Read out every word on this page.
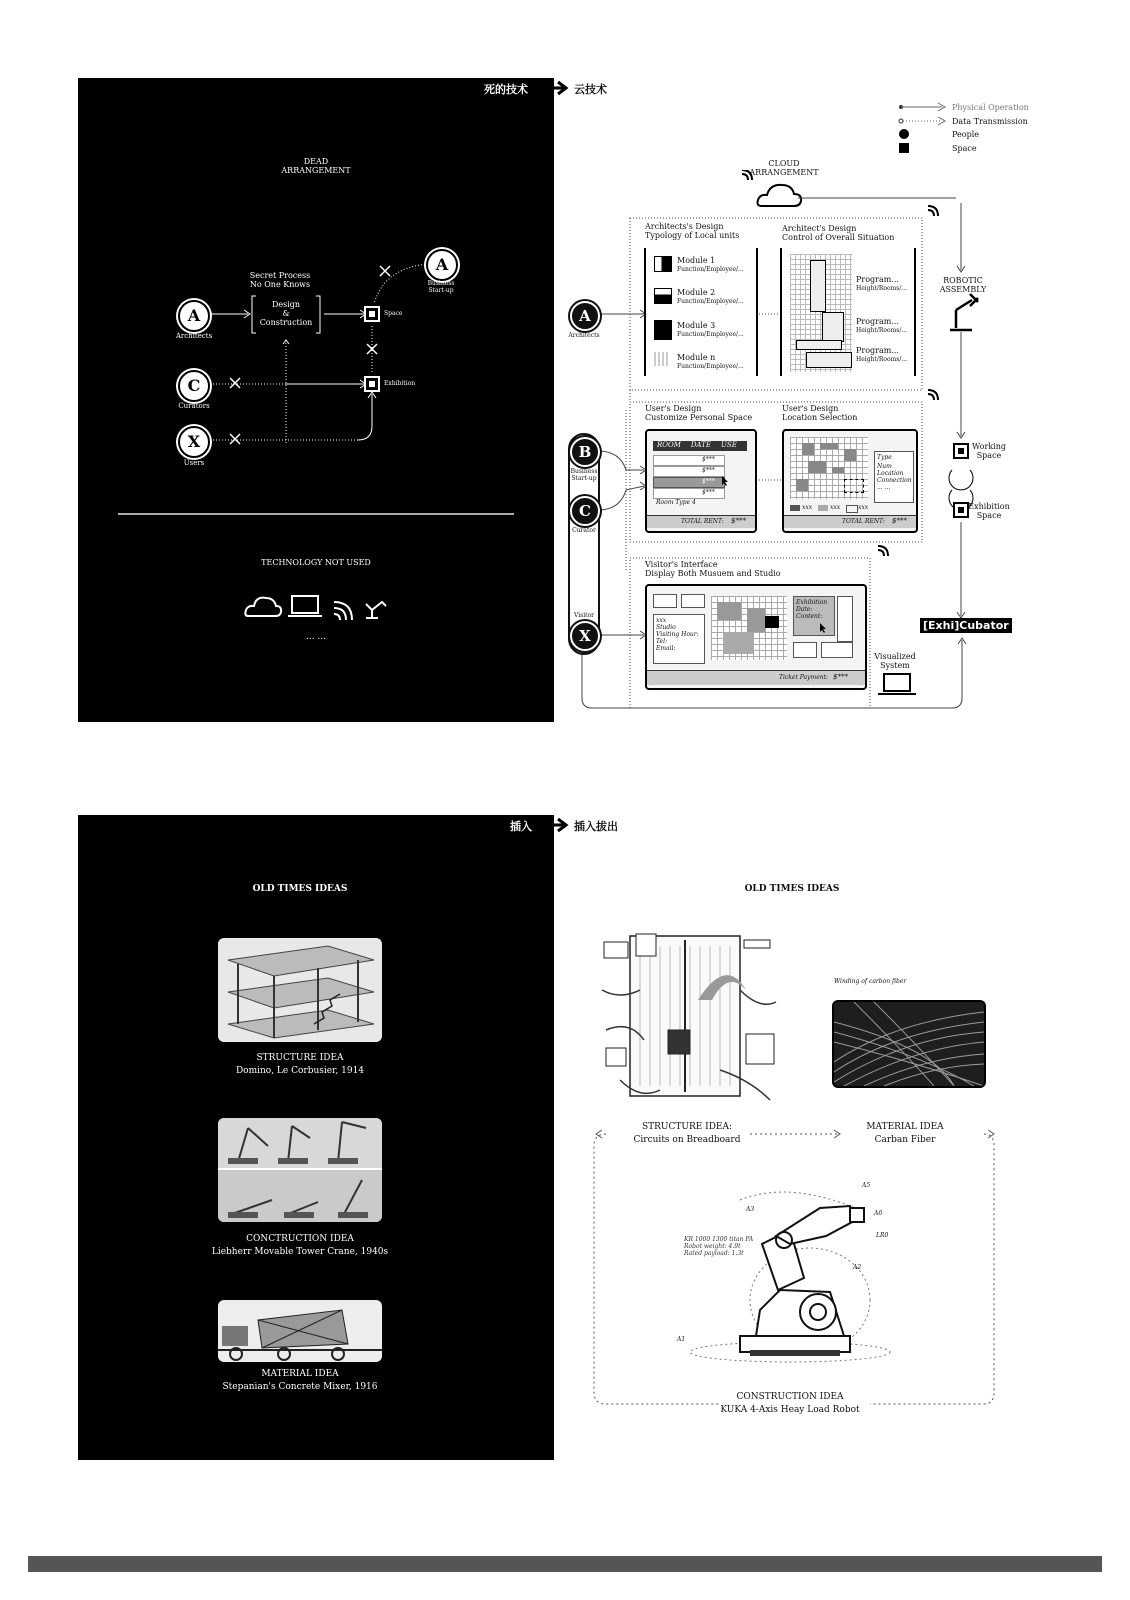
死的技术	云技术
Physical Operation
Data Transmission
People
Space
DEAD
ARRANGEMENT
A
Architects
C
Curators
X
Users
A
Business
Start-up
Secret Process
No One Knows
Design
&
Construction
Space
Exhibition
TECHNOLOGY NOT USED
... ...
CLOUD
ARRANGEMENT
ROBOTIC
ASSEMBLY
Architects's Design
Typology of Local units
Architect's Design
Control of Overall Situation
Module 1
Function/Employee/...
Module 2
Function/Employee/...
Module 3
Function/Employee/...
Module n
Function/Employee/...
Program...
Height/Rooms/...
Program...
Height/Rooms/...
Program...
Height/Rooms/...
A
Architects
B
Business
Start-up
C
Curator
Visitor
X
User's Design
Customize Personal Space
User's Design
Location Selection
ROOM DATE USE
$***
$***
$***
Room Type 4
$***
TOTAL RENT: $***
Type
Num
Location
Connection
... ...
xxx	xxx	xxx
TOTAL RENT: $***
Working
Space
Exhibition
Space
Visitor's Interface
Display Both Musuem and Studio
xxx
Studio
Visiting Hour:
Tel:
Email:
Exhibition
Date:
Content:
Ticket Payment: $***
Visualized
System
[Exhi]Cubator
插入	插入拔出
OLD TIMES IDEAS
STRUCTURE IDEA
Domino, Le Corbusier, 1914
CONCTRUCTION IDEA
Liebherr Movable Tower Crane, 1940s
MATERIAL IDEA
Stepanian's Concrete Mixer, 1916
OLD TIMES IDEAS
STRUCTURE IDEA:
Circuits on Breadboard
Winding of carbon fiber
MATERIAL IDEA
Carban Fiber
KR 1000 1300 titan PA
Robot weight: 4.9t
Rated payload: 1.3t
A1
A2
A3
A5
A6
LR0
CONSTRUCTION IDEA
KUKA 4-Axis Heay Load Robot
